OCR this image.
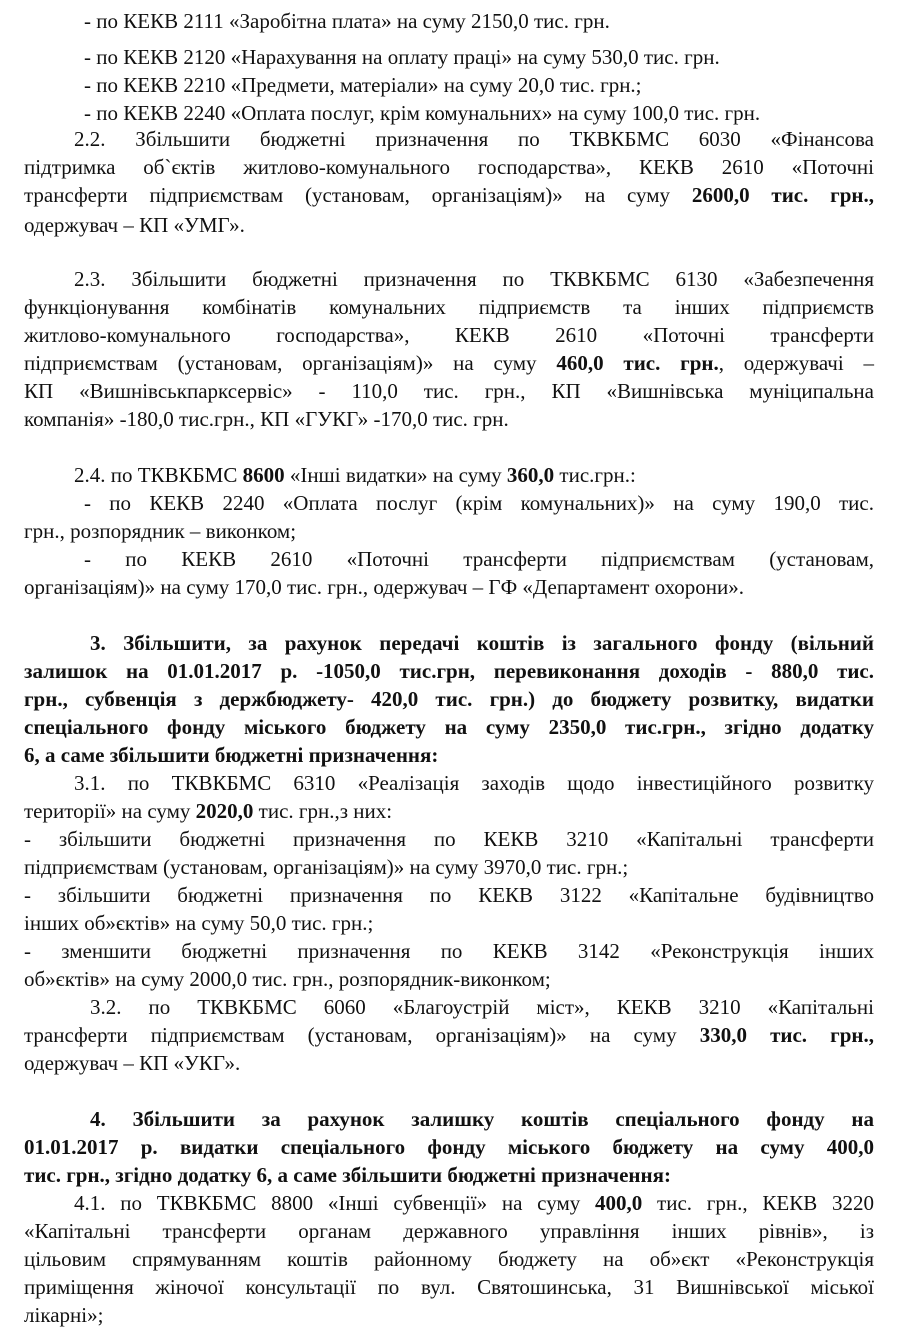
- по КЕКВ 2111 «Заробітна плата» на суму 2150,0 тис. грн.
- по КЕКВ 2120 «Нарахування на оплату праці» на суму 530,0 тис. грн.
- по КЕКВ 2210 «Предмети, матеріали» на суму 20,0 тис. грн.;
- по КЕКВ 2240 «Оплата послуг, крім комунальних» на суму 100,0 тис. грн.
2.2. Збільшити бюджетні призначення по ТКВКБМС 6030 «Фінансова
підтримка об`єктів житлово-комунального господарства», КЕКВ 2610 «Поточні
трансферти підприємствам (установам, організаціям)» на суму 2600,0 тис. грн.,
одержувач – КП «УМГ».
2.3. Збільшити бюджетні призначення по ТКВКБМС 6130 «Забезпечення
функціонування комбінатів комунальних підприємств та інших підприємств
житлово-комунального господарства», КЕКВ 2610 «Поточні трансферти
підприємствам (установам, організаціям)» на суму 460,0 тис. грн., одержувачі –
КП «Вишнівськпарксервіс» - 110,0 тис. грн., КП «Вишнівська муніципальна
компанія» -180,0 тис.грн., КП «ГУКГ» -170,0 тис. грн.
2.4. по ТКВКБМС 8600 «Інші видатки» на суму 360,0 тис.грн.:
- по КЕКВ 2240 «Оплата послуг (крім комунальних)» на суму 190,0 тис.
грн., розпорядник – виконком;
- по КЕКВ 2610 «Поточні трансферти підприємствам (установам,
організаціям)» на суму 170,0 тис. грн., одержувач – ГФ «Департамент охорони».
3. Збільшити, за рахунок передачі коштів із загального фонду (вільний
залишок на 01.01.2017 р. -1050,0 тис.грн, перевиконання доходів - 880,0 тис.
грн., субвенція з держбюджету- 420,0 тис. грн.) до бюджету розвитку, видатки
спеціального фонду міського бюджету на суму 2350,0 тис.грн., згідно додатку
6, а саме збільшити бюджетні призначення:
3.1. по ТКВКБМС 6310 «Реалізація заходів щодо інвестиційного розвитку
території» на суму 2020,0 тис. грн.,з них:
- збільшити бюджетні призначення по КЕКВ 3210 «Капітальні трансферти
підприємствам (установам, організаціям)» на суму 3970,0 тис. грн.;
- збільшити бюджетні призначення по КЕКВ 3122 «Капітальне будівництво
інших об»єктів» на суму 50,0 тис. грн.;
- зменшити бюджетні призначення по КЕКВ 3142 «Реконструкція інших
об»єктів» на суму 2000,0 тис. грн., розпорядник-виконком;
3.2. по ТКВКБМС 6060 «Благоустрій міст», КЕКВ 3210 «Капітальні
трансферти підприємствам (установам, організаціям)» на суму 330,0 тис. грн.,
одержувач – КП «УКГ».
4. Збільшити за рахунок залишку коштів спеціального фонду на
01.01.2017 р. видатки спеціального фонду міського бюджету на суму 400,0
тис. грн., згідно додатку 6, а саме збільшити бюджетні призначення:
4.1. по ТКВКБМС 8800 «Інші субвенції» на суму 400,0 тис. грн., КЕКВ 3220
«Капітальні трансферти органам державного управління інших рівнів», із
цільовим спрямуванням коштів районному бюджету на об»єкт «Реконструкція
приміщення жіночої консультації по вул. Святошинська, 31 Вишнівської міської
лікарні»;
